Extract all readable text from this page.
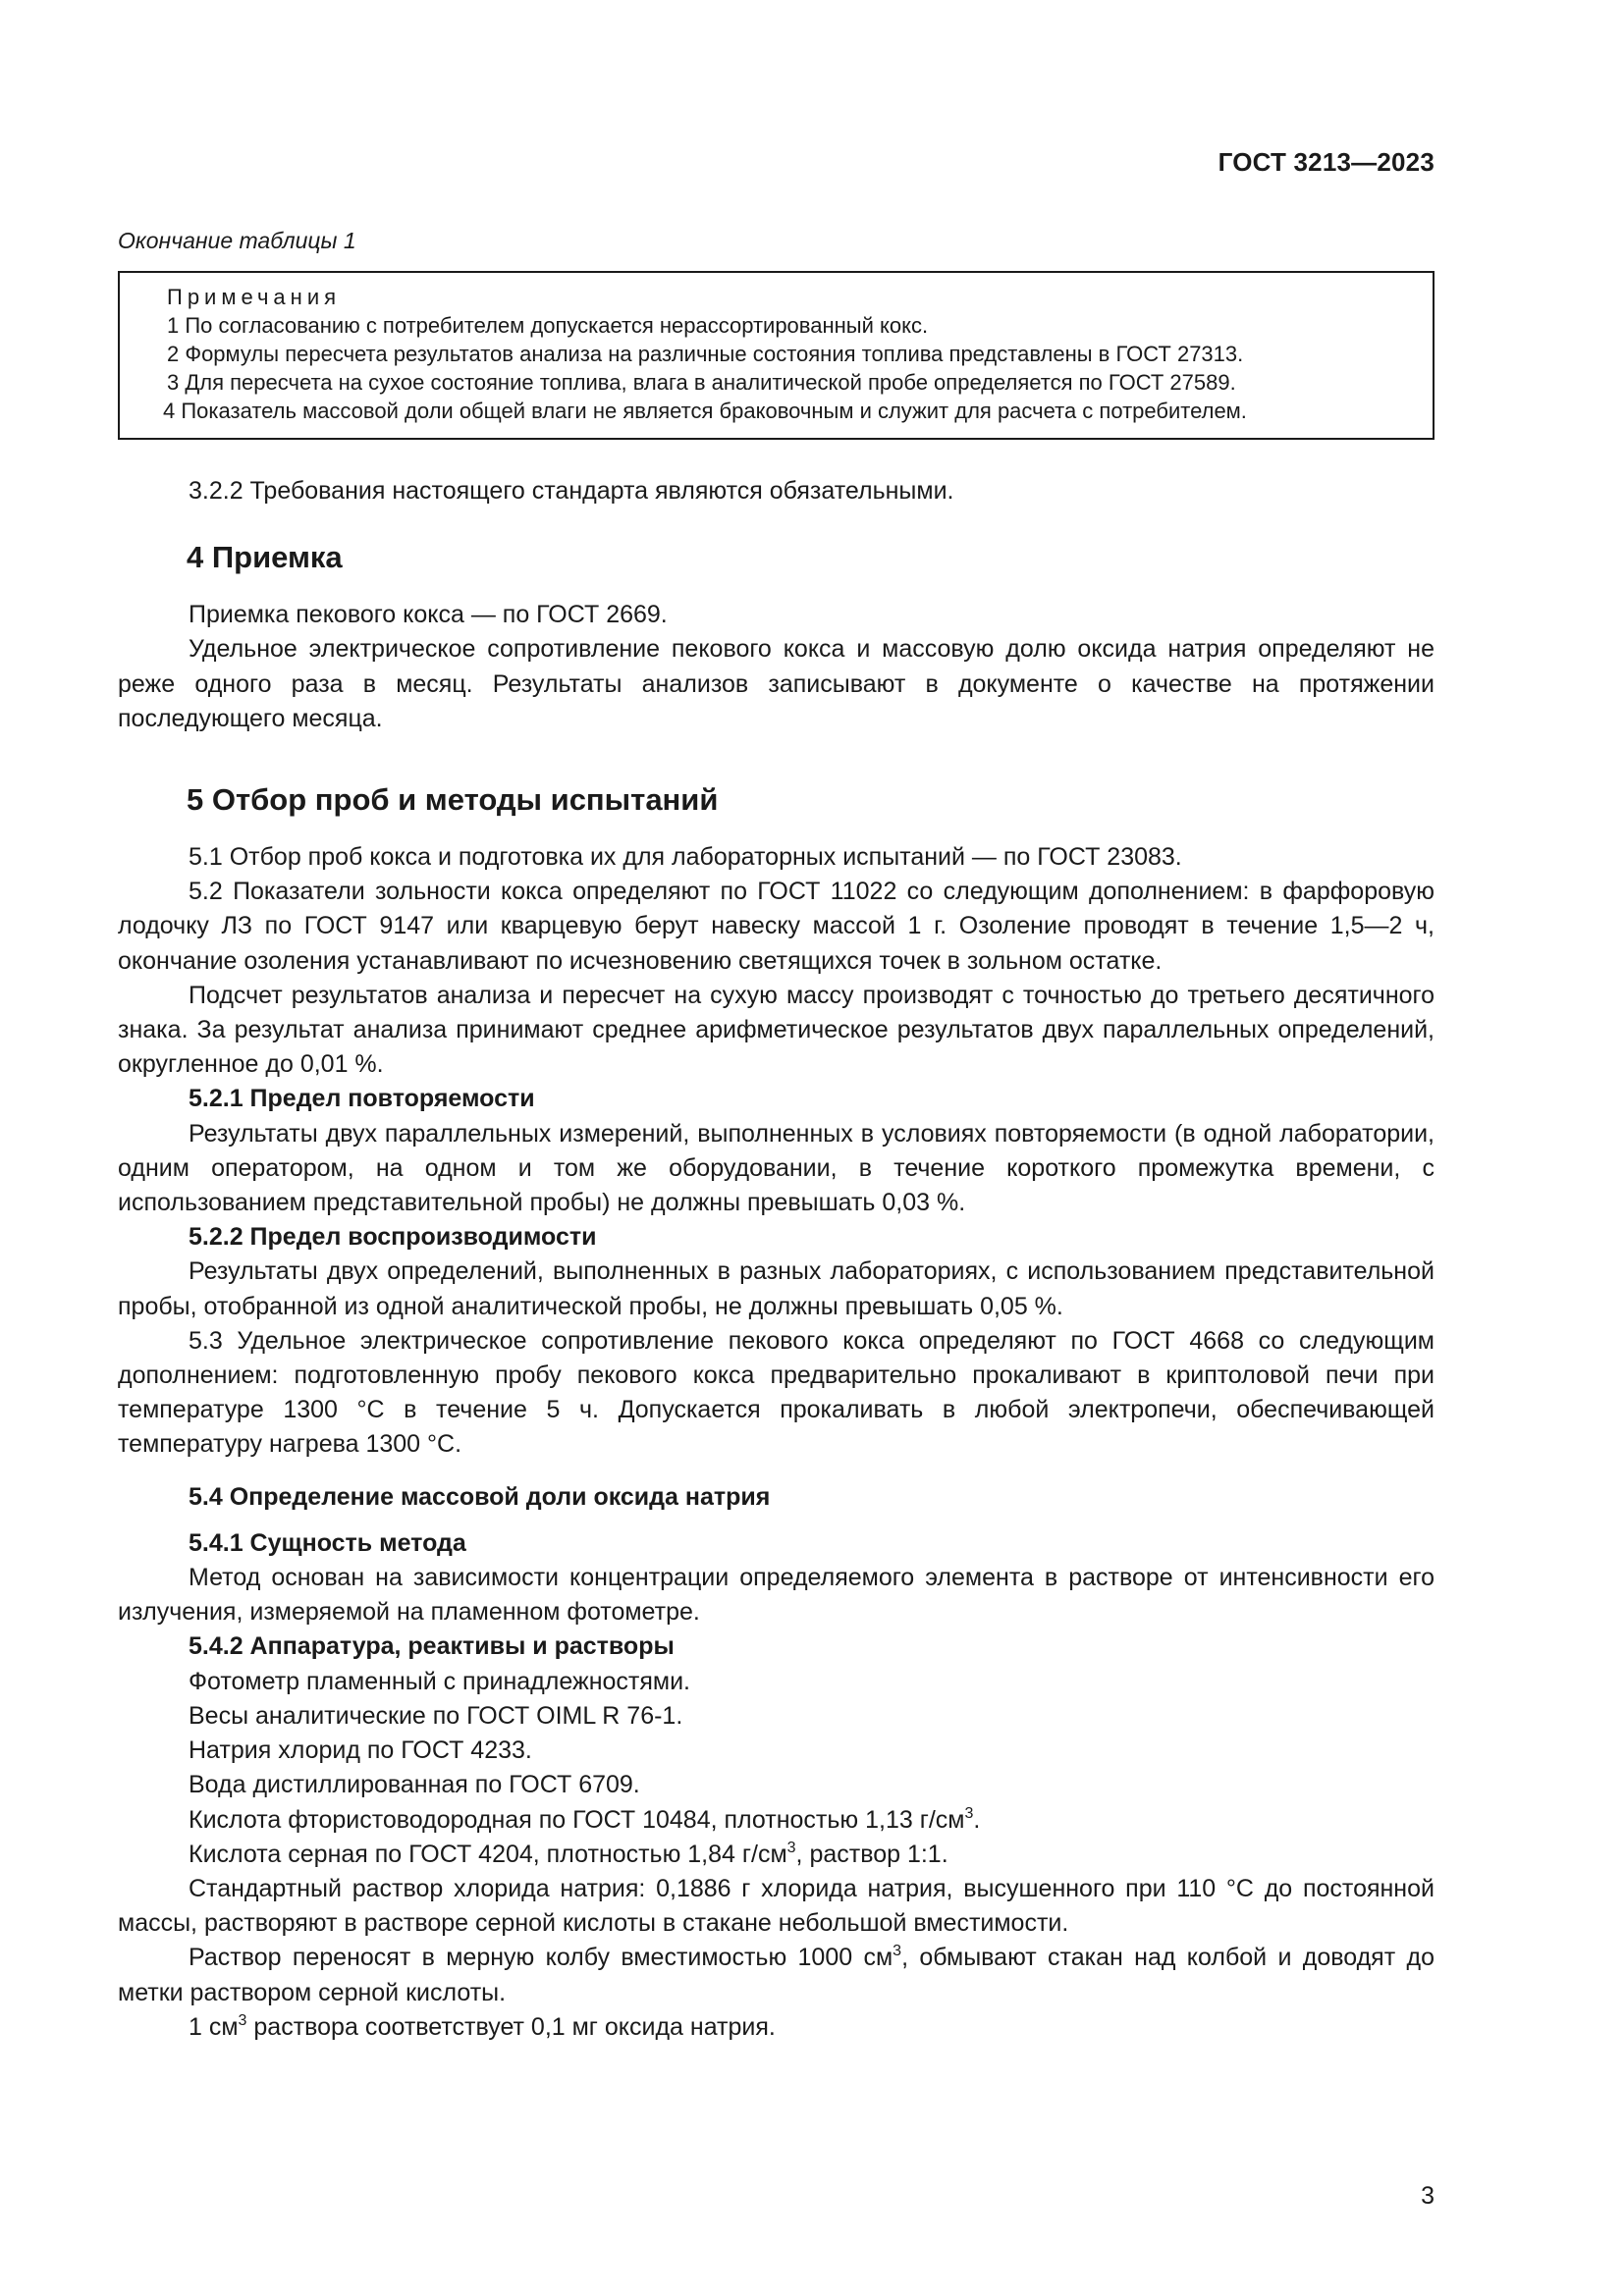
ГОСТ 3213—2023
Окончание таблицы 1
Примечания
1 По согласованию с потребителем допускается нерассортированный кокс.
2 Формулы пересчета результатов анализа на различные состояния топлива представлены в ГОСТ 27313.
3 Для пересчета на сухое состояние топлива, влага в аналитической пробе определяется по ГОСТ 27589.
4 Показатель массовой доли общей влаги не является браковочным и служит для расчета с потребителем.

3.2.2 Требования настоящего стандарта являются обязательными.

4 Приемка

Приемка пекового кокса — по ГОСТ 2669.

Удельное электрическое сопротивление пекового кокса и массовую долю оксида натрия определяют не реже одного раза в месяц. Результаты анализов записывают в документе о качестве на протяжении последующего месяца.

5 Отбор проб и методы испытаний

5.1 Отбор проб кокса и подготовка их для лабораторных испытаний — по ГОСТ 23083.

5.2 Показатели зольности кокса определяют по ГОСТ 11022 со следующим дополнением: в фарфоровую лодочку ЛЗ по ГОСТ 9147 или кварцевую берут навеску массой 1 г. Озоление проводят в течение 1,5—2 ч, окончание озоления устанавливают по исчезновению светящихся точек в зольном остатке.

Подсчет результатов анализа и пересчет на сухую массу производят с точностью до третьего десятичного знака. За результат анализа принимают среднее арифметическое результатов двух параллельных определений, округленное до 0,01 %.

5.2.1 Предел повторяемости

Результаты двух параллельных измерений, выполненных в условиях повторяемости (в одной лаборатории, одним оператором, на одном и том же оборудовании, в течение короткого промежутка времени, с использованием представительной пробы) не должны превышать 0,03 %.

5.2.2 Предел воспроизводимости

Результаты двух определений, выполненных в разных лабораториях, с использованием представительной пробы, отобранной из одной аналитической пробы, не должны превышать 0,05 %.

5.3 Удельное электрическое сопротивление пекового кокса определяют по ГОСТ 4668 со следующим дополнением: подготовленную пробу пекового кокса предварительно прокаливают в криптоловой печи при температуре 1300 °С в течение 5 ч. Допускается прокаливать в любой электропечи, обеспечивающей температуру нагрева 1300 °С.

5.4 Определение массовой доли оксида натрия
5.4.1 Сущность метода

Метод основан на зависимости концентрации определяемого элемента в растворе от интенсивности его излучения, измеряемой на пламенном фотометре.

5.4.2 Аппаратура, реактивы и растворы

Фотометр пламенный с принадлежностями.

Весы аналитические по ГОСТ OIML R 76-1.

Натрия хлорид по ГОСТ 4233.

Вода дистиллированная по ГОСТ 6709.

Кислота фтористоводородная по ГОСТ 10484, плотностью 1,13 $г/см^3$.

Кислота серная по ГОСТ 4204, плотностью 1,84 $г/см^3$, раствор 1:1.

Стандартный раствор хлорида натрия: 0,1886 г хлорида натрия, высушенного при 110 °С до постоянной массы, растворяют в растворе серной кислоты в стакане небольшой вместимости.

Раствор переносят в мерную колбу вместимостью 1000 $см^3$, обмывают стакан над колбой и доводят до метки раствором серной кислоты.

1 $см^3$ раствора соответствует 0,1 мг оксида натрия.

3
